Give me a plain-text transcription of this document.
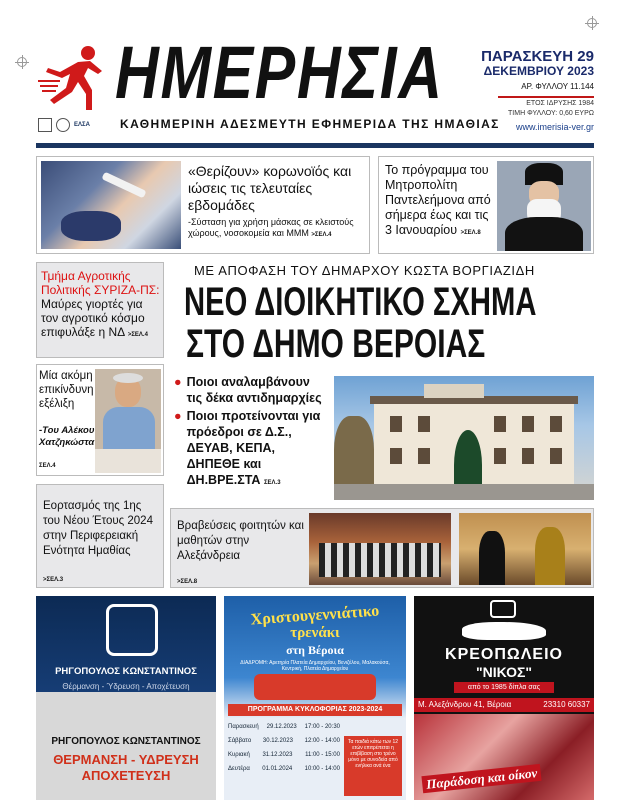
ΕΛΣΑ
ΗΜΕΡΗΣΙΑ
ΚΑΘΗΜΕΡΙΝΗ ΑΔΕΣΜΕΥΤΗ ΕΦΗΜΕΡΙΔΑ ΤΗΣ ΗΜΑΘΙΑΣ
ΠΑΡΑΣΚΕΥΗ 29
ΔΕΚΕΜΒΡΙΟΥ 2023
ΑΡ. ΦΥΛΛΟΥ 11.144
ΕΤΟΣ ΙΔΡΥΣΗΣ 1984
ΤΙΜΗ ΦΥΛΛΟΥ: 0,60 ΕΥΡΩ
www.imerisia-ver.gr
«Θερίζουν» κορωνοϊός και ιώσεις τις τελευταίες εβδομάδες
-Σύσταση για χρήση μάσκας σε κλειστούς χώρους, νοσοκομεία και ΜΜΜ >ΣΕΛ.4
Το πρόγραμμα του Μητροπολίτη Παντελεήμονα από σήμερα έως και τις 3 Ιανουαρίου >ΣΕΛ.8
Τμήμα Αγροτικής Πολιτικής ΣΥΡΙΖΑ-ΠΣ: Μαύρες γιορτές για τον αγροτικό κόσμο επιφυλάξε η ΝΔ >ΣΕΛ.4
Μία ακόμη επικίνδυνη εξέλιξη
-Του Αλέκου Χατζηκώστα
ΣΕΛ.4
Εορτασμός της 1ης του Νέου Έτους 2024 στην Περιφερειακή Ενότητα Ημαθίας
>ΣΕΛ.3
ΜΕ ΑΠΟΦΑΣΗ ΤΟΥ ΔΗΜΑΡΧΟΥ ΚΩΣΤΑ ΒΟΡΓΙΑΖΙΔΗ
ΝΕΟ ΔΙΟΙΚΗΤΙΚΟ ΣΧΗΜΑ
ΣΤΟ ΔΗΜΟ ΒΕΡΟΙΑΣ
● Ποιοι αναλαμβάνουν τις δέκα αντιδημαρχίες
● Ποιοι προτείνονται για πρόεδροι σε Δ.Σ., ΔΕΥΑΒ, ΚΕΠΑ, ΔΗΠΕΘΕ και ΔΗ.ΒΡΕ.ΣΤΑ ΣΕΛ.3
Βραβεύσεις φοιτητών και μαθητών στην Αλεξάνδρεια
>ΣΕΛ.8
ΡΗΓΟΠΟΥΛΟΣ ΚΩΝΣΤΑΝΤΙΝΟΣ
Θέρμανση - Ύδρευση - Αποχέτευση
ΡΗΓΟΠΟΥΛΟΣ ΚΩΝΣΤΑΝΤΙΝΟΣ
ΘΕΡΜΑΝΣΗ - ΥΔΡΕΥΣΗ
ΑΠΟΧΕΤΕΥΣΗ
Χριστουγεννιάτικο
τρενάκι
στη Βέροια
ΔΙΑΔΡΟΜΗ: Αρετηρία Πλατεία Δημαρχείου, Βενιζέλου, Μαλακούσα, Κεντρική, Πλατεία Δημαρχείου
ΠΡΟΓΡΑΜΜΑ ΚΥΚΛΟΦΟΡΙΑΣ 2023-2024
Παρασκευή 29.12.2023 17:00 - 20:30
Σάββατο 30.12.2023 12:00 - 14:00
Κυριακή 31.12.2023 11:00 - 15:00
Δευτέρα 01.01.2024 10:00 - 14:00
Τα παιδιά κάτω των 12 ετών επιτρέπεται η επιβίβαση στο τρένο μόνο με συνοδεία από ενήλικα ανά ένα
ΚΡΕΟΠΩΛΕΙΟ
"ΝΙΚΟΣ"
από το 1985 δίπλα σας
Μ. Αλεξάνδρου 41, Βέροια	23310 60337
Παράδοση και οίκον
